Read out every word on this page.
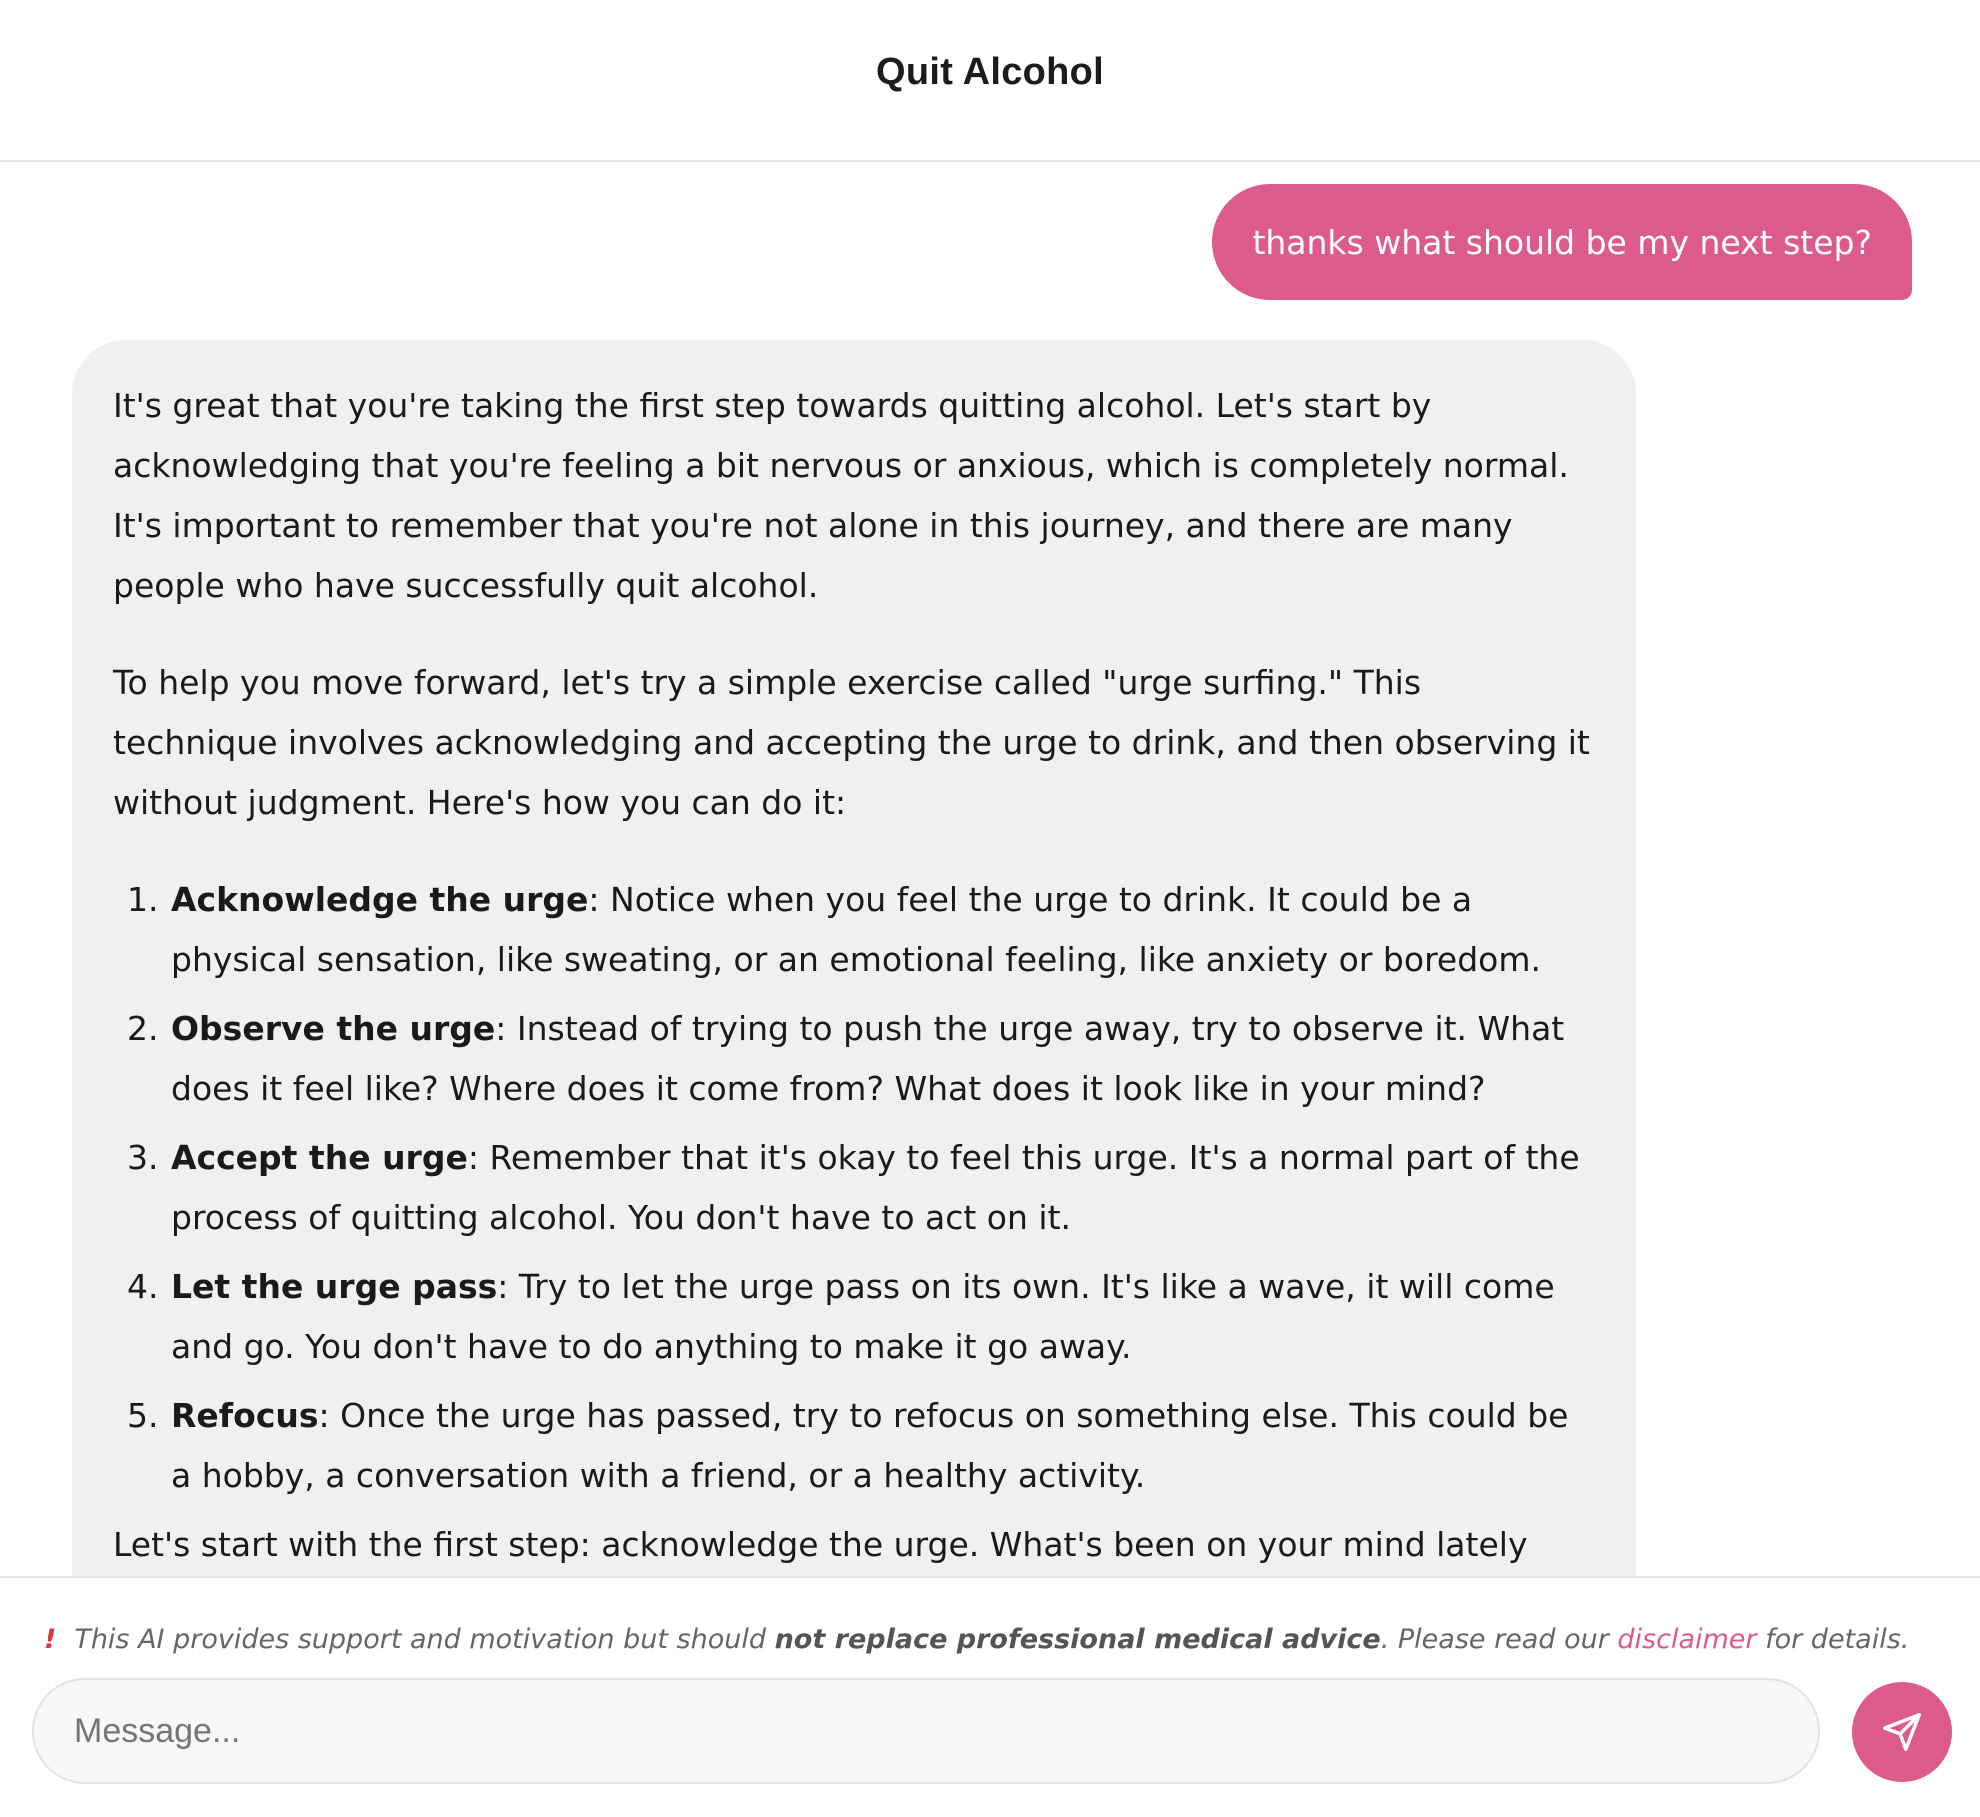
Quit Alcohol
thanks what should be my next step?

It's great that you're taking the first step towards quitting alcohol. Let's start by acknowledging that you're feeling a bit nervous or anxious, which is completely normal. It's important to remember that you're not alone in this journey, and there are many people who have successfully quit alcohol.

To help you move forward, let's try a simple exercise called "urge surfing." This technique involves acknowledging and accepting the urge to drink, and then observing it without judgment. Here's how you can do it:

1. Acknowledge the urge: Notice when you feel the urge to drink. It could be a physical sensation, like sweating, or an emotional feeling, like anxiety or boredom.
2. Observe the urge: Instead of trying to push the urge away, try to observe it. What does it feel like? Where does it come from? What does it look like in your mind?
3. Accept the urge: Remember that it's okay to feel this urge. It's a normal part of the process of quitting alcohol. You don't have to act on it.
4. Let the urge pass: Try to let the urge pass on its own. It's like a wave, it will come and go. You don't have to do anything to make it go away.
5. Refocus: Once the urge has passed, try to refocus on something else. This could be a hobby, a conversation with a friend, or a healthy activity.

Let's start with the first step: acknowledge the urge. What's been on your mind lately

! This AI provides support and motivation but should not replace professional medical advice. Please read our disclaimer for details.
Message...
